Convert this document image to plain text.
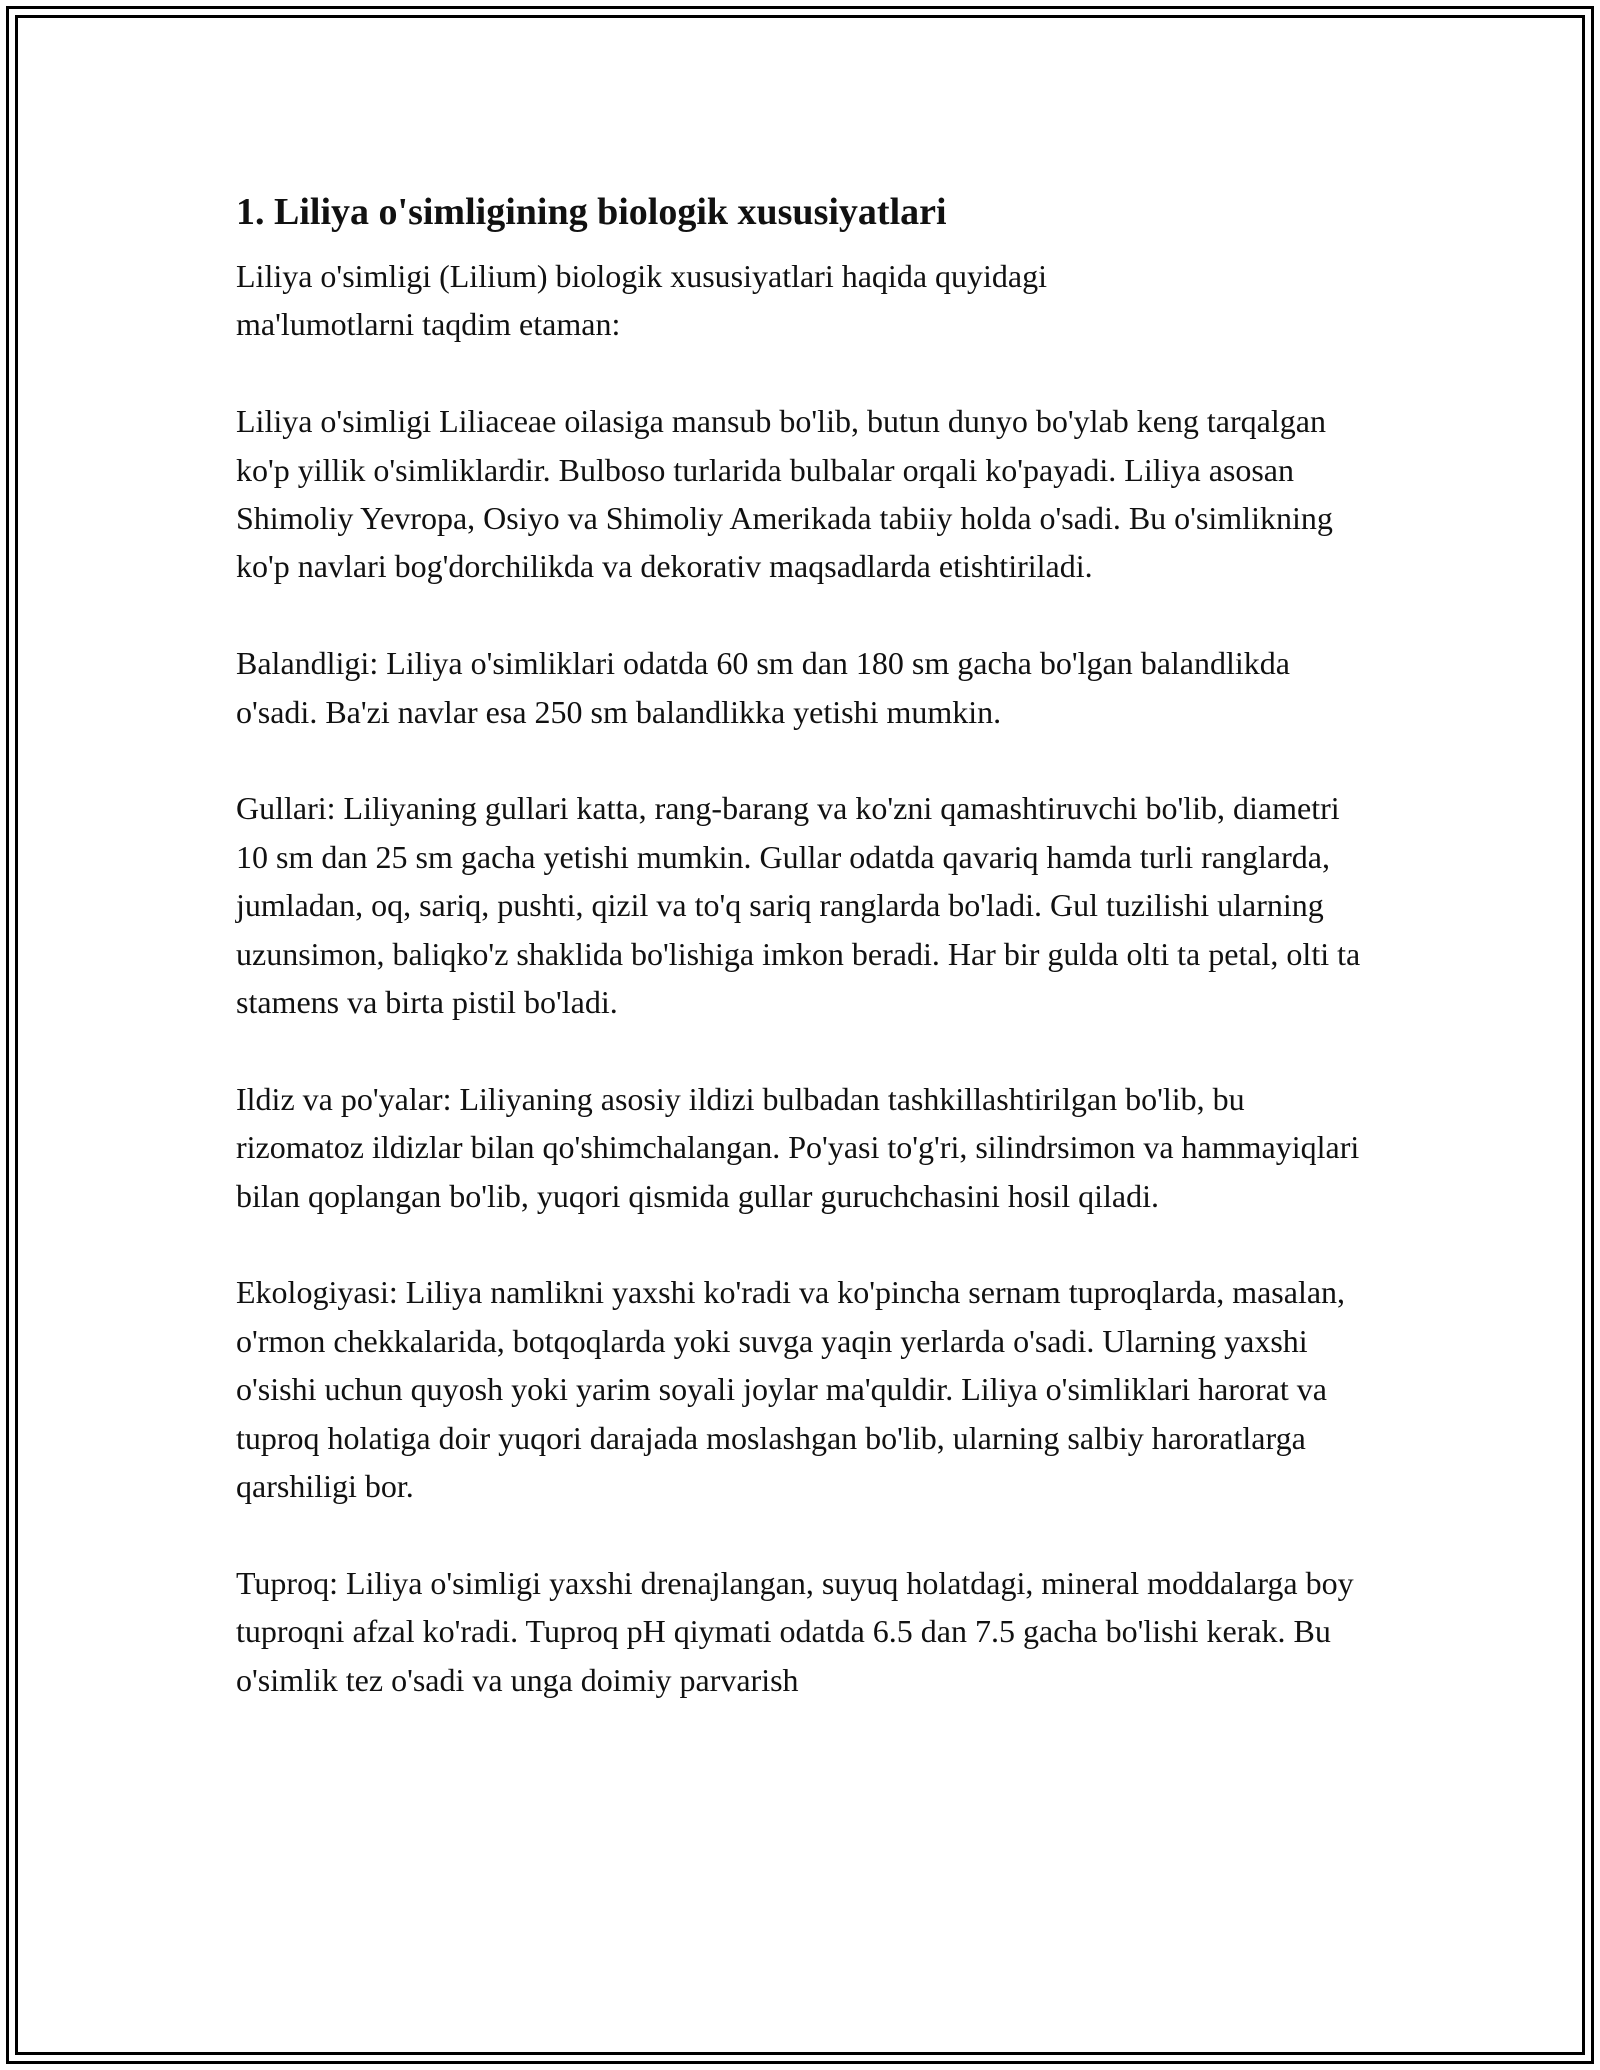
1. Liliya o'simligining biologik xususiyatlari

Liliya o'simligi (Lilium) biologik xususiyatlari haqida quyidagi ma'lumotlarni taqdim etaman:

Liliya o'simligi Liliaceae oilasiga mansub bo'lib, butun dunyo bo'ylab keng tarqalgan ko'p yillik o'simliklardir. Bulboso turlarida bulbalar orqali ko'payadi. Liliya asosan Shimoliy Yevropa, Osiyo va Shimoliy Amerikada tabiiy holda o'sadi. Bu o'simlikning ko'p navlari bog'dorchilikda va dekorativ maqsadlarda etishtiriladi.

Balandligi: Liliya o'simliklari odatda 60 sm dan 180 sm gacha bo'lgan balandlikda o'sadi. Ba'zi navlar esa 250 sm balandlikka yetishi mumkin.

Gullari: Liliyaning gullari katta, rang-barang va ko'zni qamashtiruvchi bo'lib, diametri 10 sm dan 25 sm gacha yetishi mumkin. Gullar odatda qavariq hamda turli ranglarda, jumladan, oq, sariq, pushti, qizil va to'q sariq ranglarda bo'ladi. Gul tuzilishi ularning uzunsimon, baliqko'z shaklida bo'lishiga imkon beradi. Har bir gulda olti ta petal, olti ta stamens va birta pistil bo'ladi.

Ildiz va po'yalar: Liliyaning asosiy ildizi bulbadan tashkillashtirilgan bo'lib, bu rizomatoz ildizlar bilan qo'shimchalangan. Po'yasi to'g'ri, silindrsimon va hammayiqlari bilan qoplangan bo'lib, yuqori qismida gullar guruchchasini hosil qiladi.

Ekologiyasi: Liliya namlikni yaxshi ko'radi va ko'pincha sernam tuproqlarda, masalan, o'rmon chekkalarida, botqoqlarda yoki suvga yaqin yerlarda o'sadi. Ularning yaxshi o'sishi uchun quyosh yoki yarim soyali joylar ma'quldir. Liliya o'simliklari harorat va tuproq holatiga doir yuqori darajada moslashgan bo'lib, ularning salbiy haroratlarga qarshiligi bor.

Tuproq: Liliya o'simligi yaxshi drenajlangan, suyuq holatdagi, mineral moddalarga boy tuproqni afzal ko'radi. Tuproq pH qiymati odatda 6.5 dan 7.5 gacha bo'lishi kerak. Bu o'simlik tez o'sadi va unga doimiy parvarish
